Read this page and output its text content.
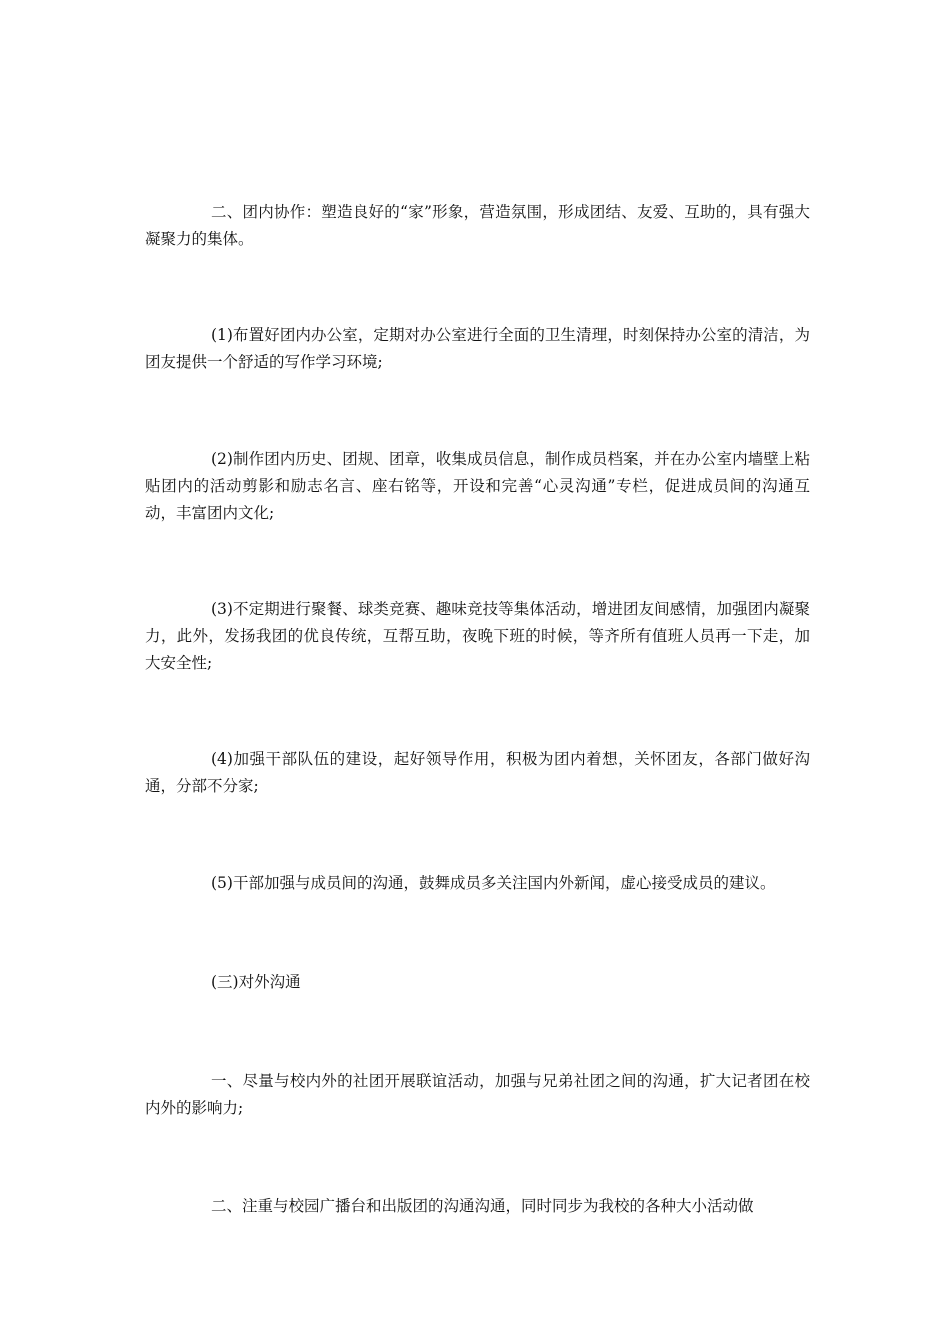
二、团内协作：塑造良好的“家”形象，营造氛围，形成团结、友爱、互助的，具有强大凝聚力的集体。

(1)布置好团内办公室，定期对办公室进行全面的卫生清理，时刻保持办公室的清洁，为团友提供一个舒适的写作学习环境;

(2)制作团内历史、团规、团章，收集成员信息，制作成员档案，并在办公室内墙壁上粘贴团内的活动剪影和励志名言、座右铭等，开设和完善“心灵沟通”专栏，促进成员间的沟通互动，丰富团内文化;

(3)不定期进行聚餐、球类竞赛、趣味竞技等集体活动，增进团友间感情，加强团内凝聚力，此外，发扬我团的优良传统，互帮互助，夜晚下班的时候，等齐所有值班人员再一下走，加大安全性;

(4)加强干部队伍的建设，起好领导作用，积极为团内着想，关怀团友，各部门做好沟通，分部不分家;

(5)干部加强与成员间的沟通，鼓舞成员多关注国内外新闻，虚心接受成员的建议。

(三)对外沟通

一、尽量与校内外的社团开展联谊活动，加强与兄弟社团之间的沟通，扩大记者团在校内外的影响力;

二、注重与校园广播台和出版团的沟通沟通，同时同步为我校的各种大小活动做
